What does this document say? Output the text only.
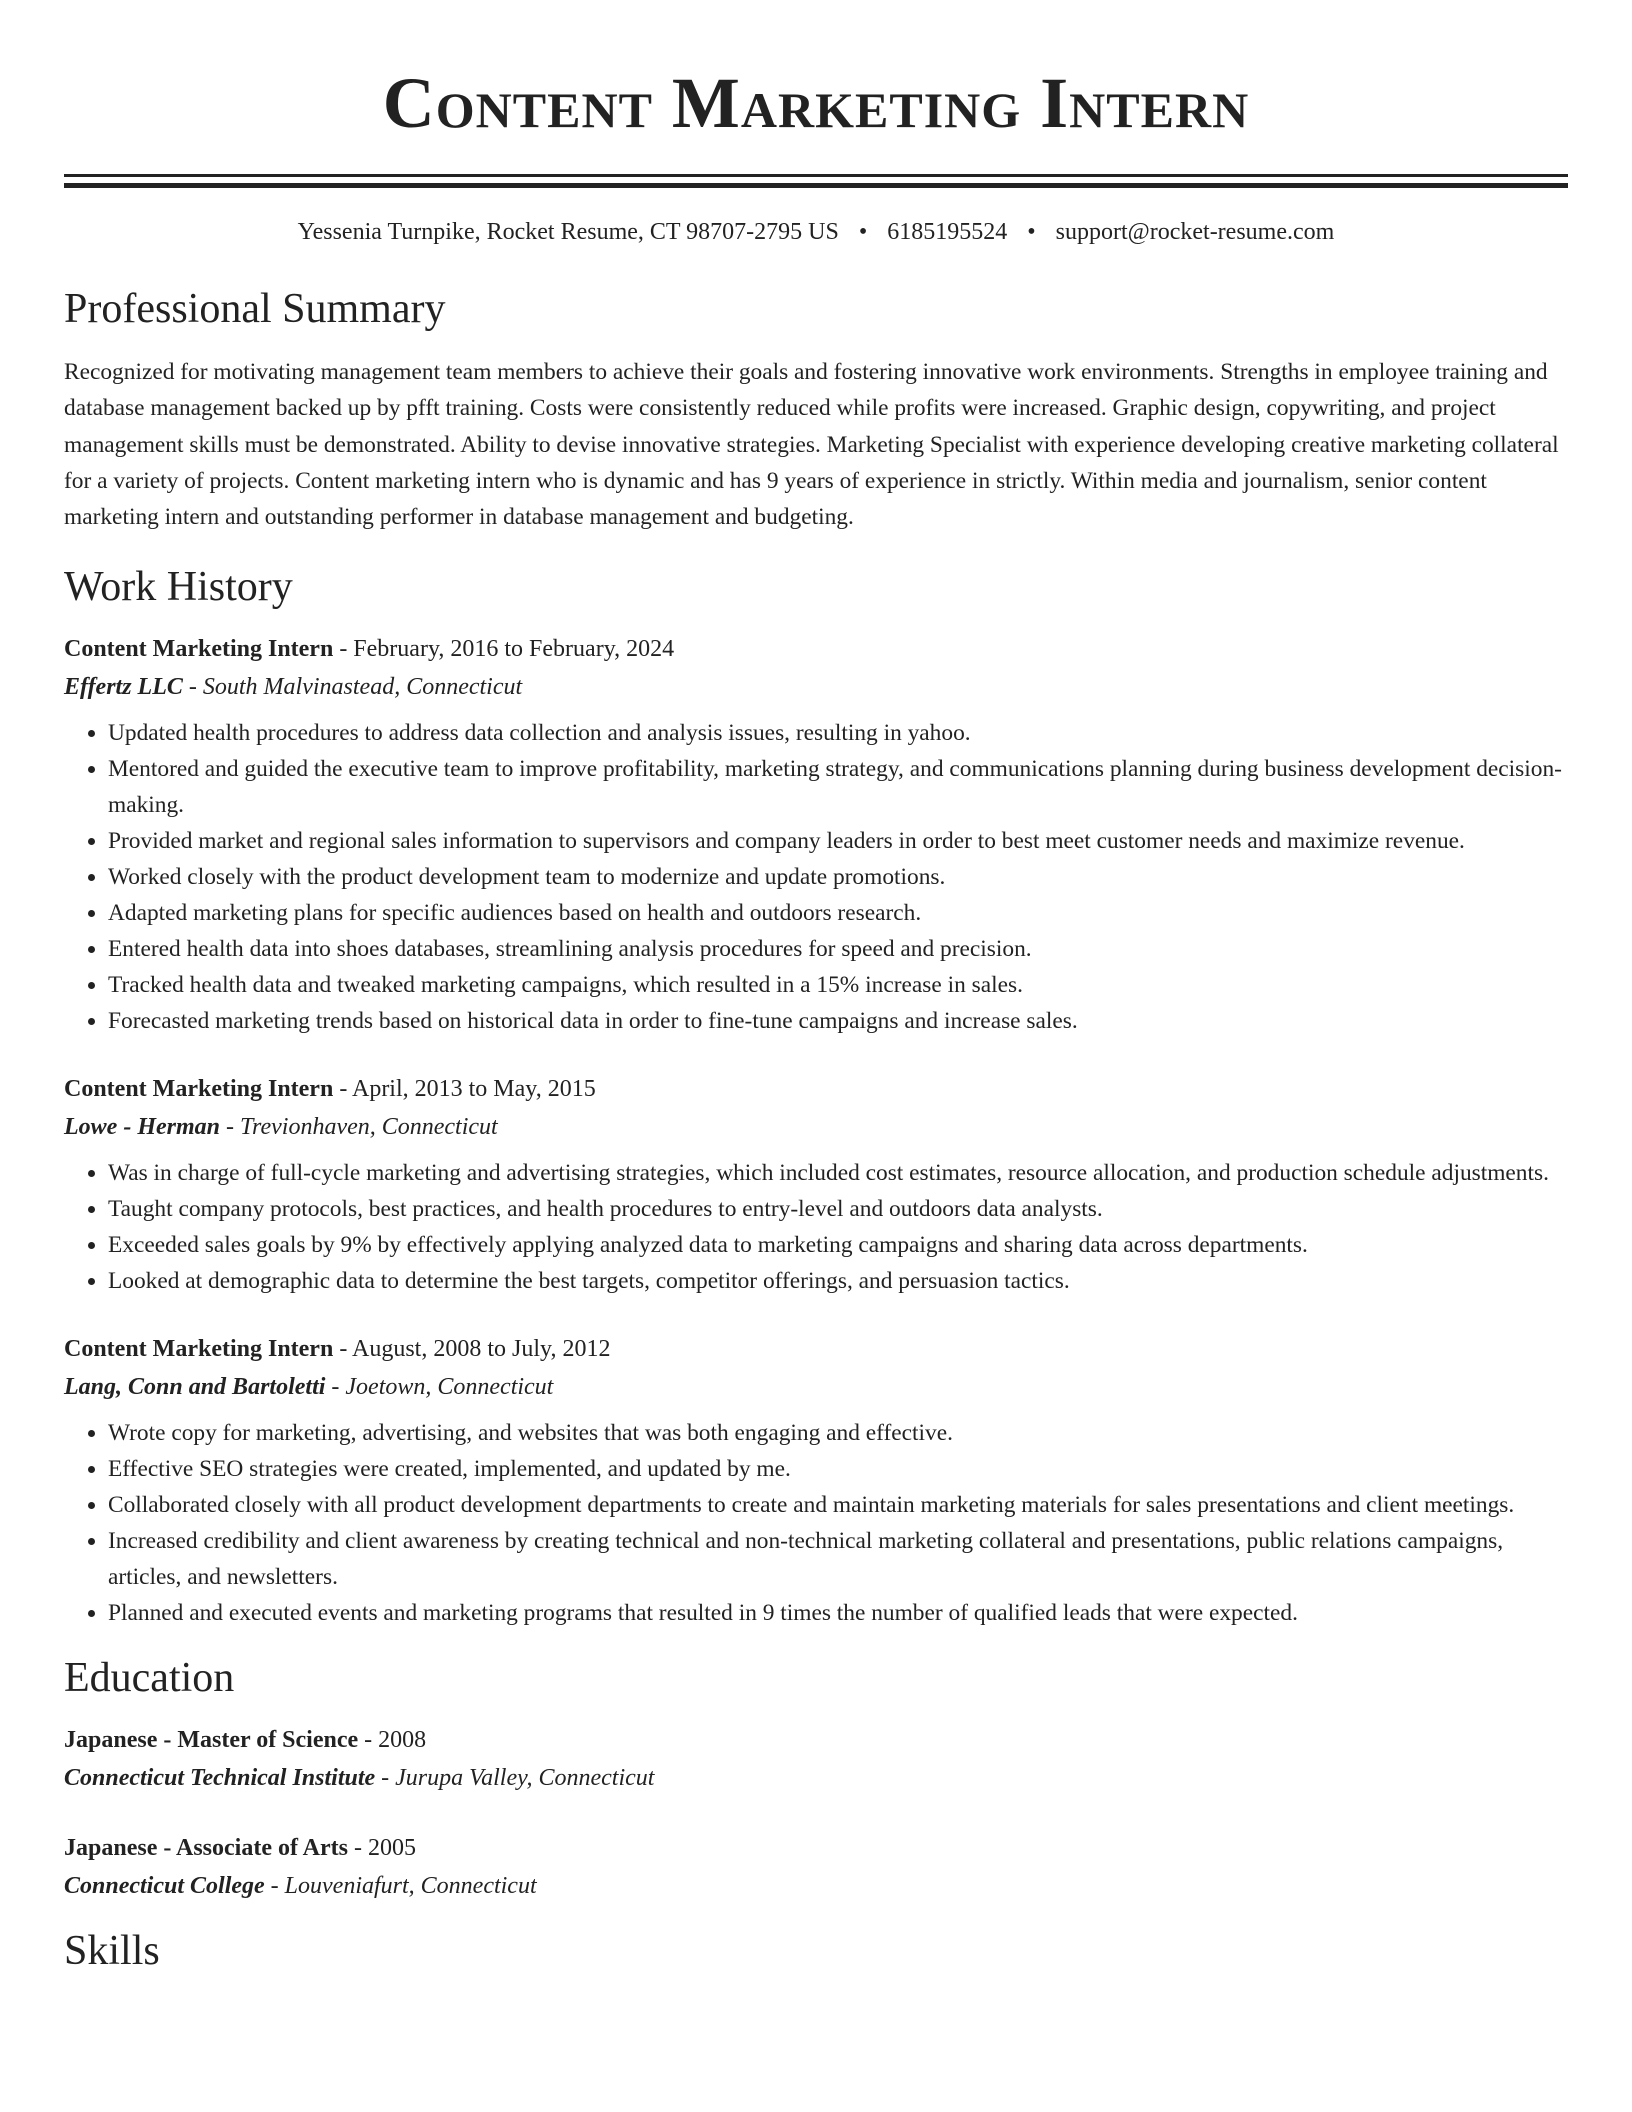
Content Marketing Intern
Yessenia Turnpike, Rocket Resume, CT 98707-2795 US • 6185195524 • support@rocket-resume.com
Professional Summary

Recognized for motivating management team members to achieve their goals and fostering innovative work environments. Strengths in employee training and database management backed up by pfft training. Costs were consistently reduced while profits were increased. Graphic design, copywriting, and project management skills must be demonstrated. Ability to devise innovative strategies. Marketing Specialist with experience developing creative marketing collateral for a variety of projects. Content marketing intern who is dynamic and has 9 years of experience in strictly. Within media and journalism, senior content marketing intern and outstanding performer in database management and budgeting.

Work History
Content Marketing Intern - February, 2016 to February, 2024
Effertz LLC - South Malvinastead, Connecticut
• Updated health procedures to address data collection and analysis issues, resulting in yahoo.
• Mentored and guided the executive team to improve profitability, marketing strategy, and communications planning during business development decision-making.
• Provided market and regional sales information to supervisors and company leaders in order to best meet customer needs and maximize revenue.
• Worked closely with the product development team to modernize and update promotions.
• Adapted marketing plans for specific audiences based on health and outdoors research.
• Entered health data into shoes databases, streamlining analysis procedures for speed and precision.
• Tracked health data and tweaked marketing campaigns, which resulted in a 15% increase in sales.
• Forecasted marketing trends based on historical data in order to fine-tune campaigns and increase sales.
Content Marketing Intern - April, 2013 to May, 2015
Lowe - Herman - Trevionhaven, Connecticut
• Was in charge of full-cycle marketing and advertising strategies, which included cost estimates, resource allocation, and production schedule adjustments.
• Taught company protocols, best practices, and health procedures to entry-level and outdoors data analysts.
• Exceeded sales goals by 9% by effectively applying analyzed data to marketing campaigns and sharing data across departments.
• Looked at demographic data to determine the best targets, competitor offerings, and persuasion tactics.
Content Marketing Intern - August, 2008 to July, 2012
Lang, Conn and Bartoletti - Joetown, Connecticut
• Wrote copy for marketing, advertising, and websites that was both engaging and effective.
• Effective SEO strategies were created, implemented, and updated by me.
• Collaborated closely with all product development departments to create and maintain marketing materials for sales presentations and client meetings.
• Increased credibility and client awareness by creating technical and non-technical marketing collateral and presentations, public relations campaigns, articles, and newsletters.
• Planned and executed events and marketing programs that resulted in 9 times the number of qualified leads that were expected.
Education
Japanese - Master of Science - 2008
Connecticut Technical Institute - Jurupa Valley, Connecticut
Japanese - Associate of Arts - 2005
Connecticut College - Louveniafurt, Connecticut
Skills
